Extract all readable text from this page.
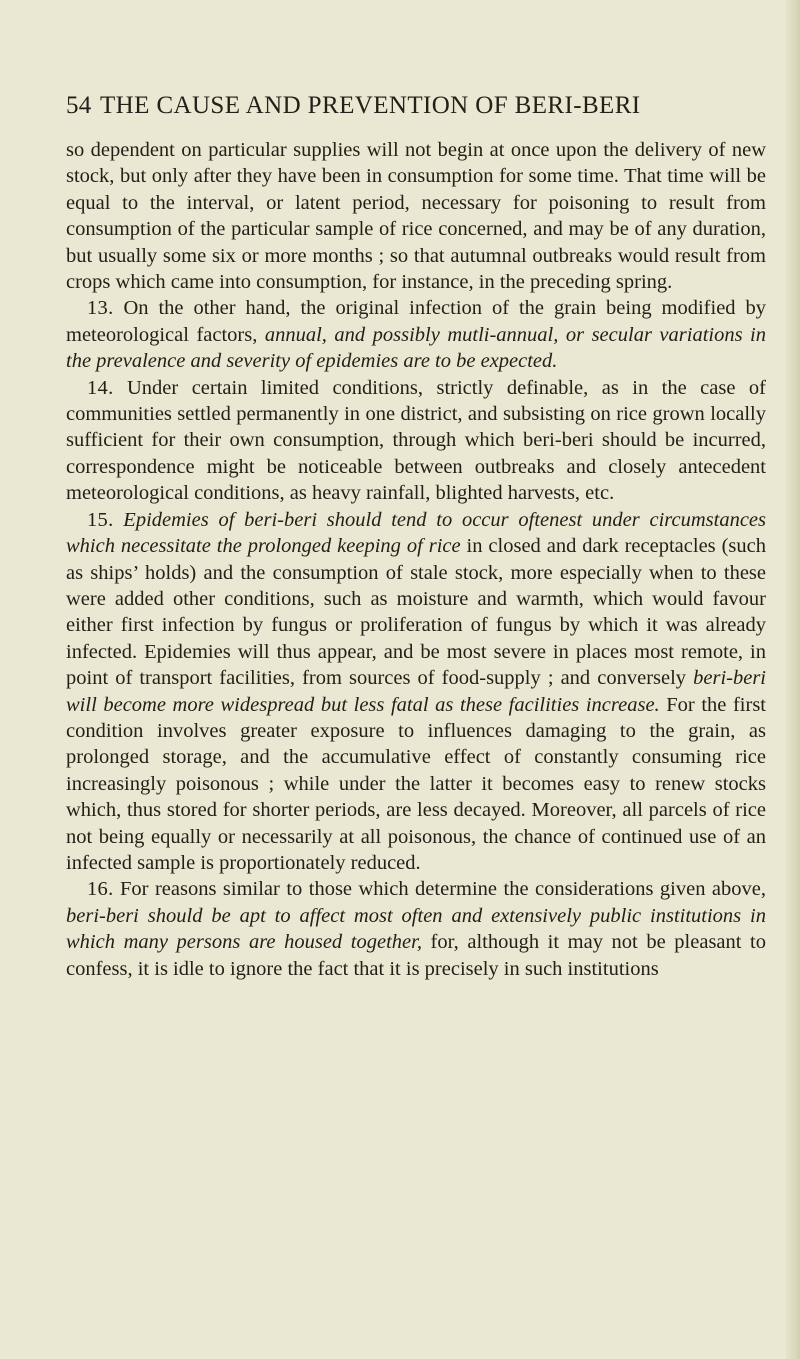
54 THE CAUSE AND PREVENTION OF BERI-BERI

so dependent on particular supplies will not begin at once upon the delivery of new stock, but only after they have been in consumption for some time. That time will be equal to the interval, or latent period, necessary for poisoning to result from consumption of the particular sample of rice concerned, and may be of any duration, but usually some six or more months ; so that autumnal outbreaks would result from crops which came into consumption, for instance, in the preceding spring.

13. On the other hand, the original infection of the grain being modified by meteorological factors, annual, and possibly mutli-annual, or secular variations in the prevalence and severity of epidemies are to be expected.

14. Under certain limited conditions, strictly definable, as in the case of communities settled permanently in one district, and subsisting on rice grown locally sufficient for their own consumption, through which beri-beri should be incurred, correspondence might be noticeable between outbreaks and closely antecedent meteorological conditions, as heavy rainfall, blighted harvests, etc.

15. Epidemies of beri-beri should tend to occur oftenest under circumstances which necessitate the prolonged keeping of rice in closed and dark receptacles (such as ships’ holds) and the consumption of stale stock, more especially when to these were added other conditions, such as moisture and warmth, which would favour either first infection by fungus or proliferation of fungus by which it was already infected. Epidemies will thus appear, and be most severe in places most remote, in point of transport facilities, from sources of food-supply ; and conversely beri-beri will become more widespread but less fatal as these facilities increase. For the first condition involves greater exposure to influences damaging to the grain, as prolonged storage, and the accumulative effect of constantly consuming rice increasingly poisonous ; while under the latter it becomes easy to renew stocks which, thus stored for shorter periods, are less decayed. Moreover, all parcels of rice not being equally or necessarily at all poisonous, the chance of continued use of an infected sample is proportionately reduced.

16. For reasons similar to those which determine the considerations given above, beri-beri should be apt to affect most often and extensively public institutions in which many persons are housed together, for, although it may not be pleasant to confess, it is idle to ignore the fact that it is precisely in such institutions
